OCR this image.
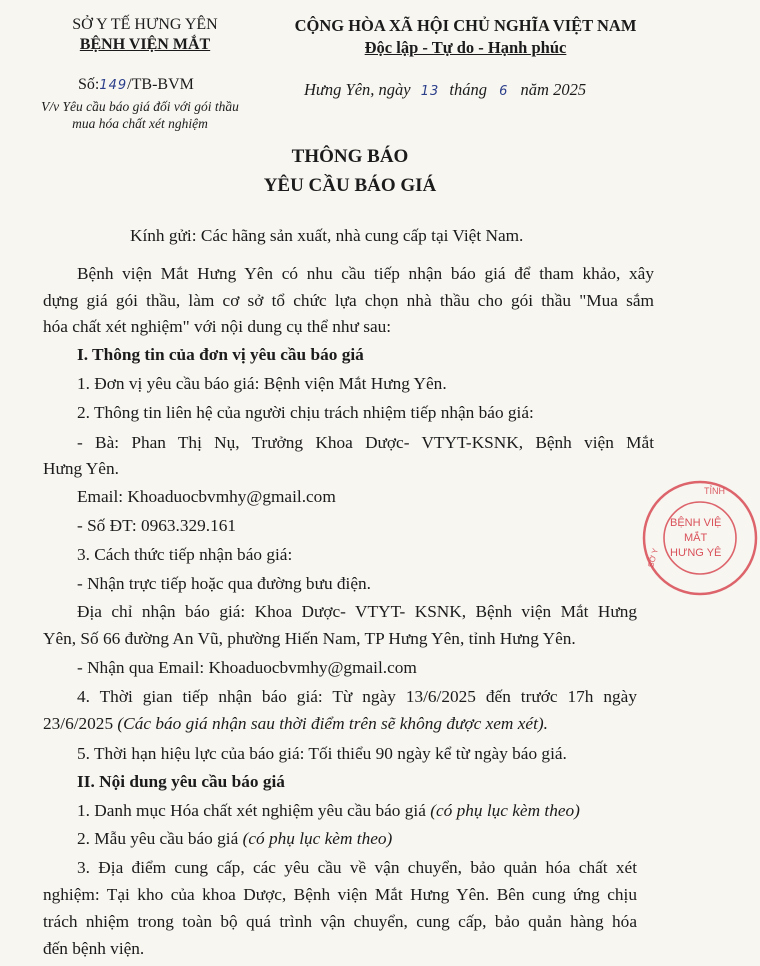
SỞ Y TẾ HƯNG YÊN
BỆNH VIỆN MẮT
Số:149/TB-BVM
V/v Yêu cầu báo giá đối với gói thầu
mua hóa chất xét nghiệm
CỘNG HÒA XÃ HỘI CHỦ NGHĨA VIỆT NAM
Độc lập - Tự do - Hạnh phúc
Hưng Yên, ngày 13 tháng 6 năm 2025
THÔNG BÁO
YÊU CẦU BÁO GIÁ
Kính gửi: Các hãng sản xuất, nhà cung cấp tại Việt Nam.
Bệnh viện Mắt Hưng Yên có nhu cầu tiếp nhận báo giá để tham khảo, xây
dựng giá gói thầu, làm cơ sở tổ chức lựa chọn nhà thầu cho gói thầu "Mua sắm
hóa chất xét nghiệm" với nội dung cụ thể như sau:
I. Thông tin của đơn vị yêu cầu báo giá
1. Đơn vị yêu cầu báo giá: Bệnh viện Mắt Hưng Yên.
2. Thông tin liên hệ của người chịu trách nhiệm tiếp nhận báo giá:
- Bà: Phan Thị Nụ, Trưởng Khoa Dược- VTYT-KSNK, Bệnh viện Mắt
Hưng Yên.
Email: Khoaduocbvmhy@gmail.com
- Số ĐT: 0963.329.161
3. Cách thức tiếp nhận báo giá:
- Nhận trực tiếp hoặc qua đường bưu điện.
Địa chỉ nhận báo giá: Khoa Dược- VTYT- KSNK, Bệnh viện Mắt Hưng
Yên, Số 66 đường An Vũ, phường Hiến Nam, TP Hưng Yên, tỉnh Hưng Yên.
- Nhận qua Email: Khoaduocbvmhy@gmail.com
4. Thời gian tiếp nhận báo giá: Từ ngày 13/6/2025 đến trước 17h ngày
23/6/2025 (Các báo giá nhận sau thời điểm trên sẽ không được xem xét).
5. Thời hạn hiệu lực của báo giá: Tối thiểu 90 ngày kể từ ngày báo giá.
II. Nội dung yêu cầu báo giá
1. Danh mục Hóa chất xét nghiệm yêu cầu báo giá (có phụ lục kèm theo)
2. Mẫu yêu cầu báo giá (có phụ lục kèm theo)
3. Địa điểm cung cấp, các yêu cầu về vận chuyển, bảo quản hóa chất xét
nghiệm: Tại kho của khoa Dược, Bệnh viện Mắt Hưng Yên. Bên cung ứng chịu
trách nhiệm trong toàn bộ quá trình vận chuyển, cung cấp, bảo quản hàng hóa
đến bệnh viện.
TỈNH
SỞ Y
BỆNH VIỆ
MẮT
HƯNG YÊ
